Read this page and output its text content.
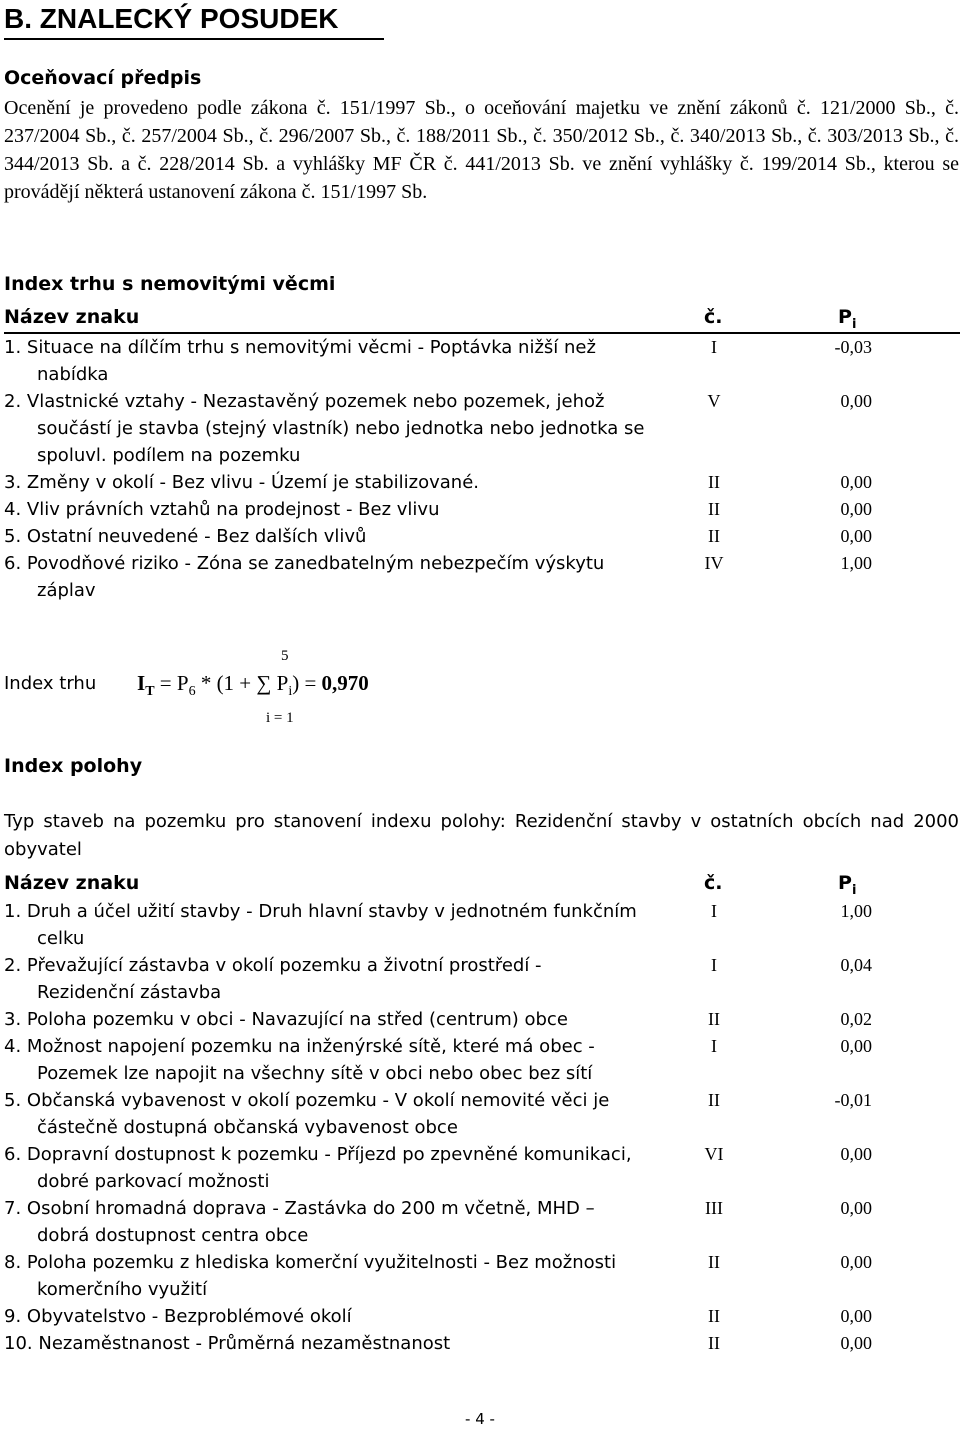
B. ZNALECKÝ POSUDEK
Oceňovací předpis
Ocenění je provedeno podle zákona č. 151/1997 Sb., o oceňování majetku ve znění zákonů č. 121/2000 Sb., č. 237/2004 Sb., č. 257/2004 Sb., č. 296/2007 Sb., č. 188/2011 Sb., č. 350/2012 Sb., č. 340/2013 Sb., č. 303/2013 Sb., č. 344/2013 Sb. a č. 228/2014 Sb. a vyhlášky MF ČR č. 441/2013 Sb. ve znění vyhlášky č. 199/2014 Sb., kterou se provádějí některá ustanovení zákona č. 151/1997 Sb.
Index trhu s nemovitými věcmi
Název znaku	č.	$P_i$
1. Situace na dílčím trhu s nemovitými věcmi - Poptávka nižší než
nabídka
I	-0,03
2. Vlastnické vztahy - Nezastavěný pozemek nebo pozemek, jehož
součástí je stavba (stejný vlastník) nebo jednotka nebo jednotka se
spoluvl. podílem na pozemku
V	0,00
3. Změny v okolí - Bez vlivu - Území je stabilizované.	II	0,00
4. Vliv právních vztahů na prodejnost - Bez vlivu	II	0,00
5. Ostatní neuvedené - Bez dalších vlivů	II	0,00
6. Povodňové riziko - Zóna se zanedbatelným nebezpečím výskytu
záplav
IV	1,00
Index trhu
5
$I_T = P_6 * (1$ + ∑ $P_i) = 0,970$
i = 1
Index polohy
Typ staveb na pozemku pro stanovení indexu polohy: Rezidenční stavby v ostatních obcích nad 2000 obyvatel
Název znaku	č.	$P_i$
1. Druh a účel užití stavby - Druh hlavní stavby v jednotném funkčním
celku
I	1,00
2. Převažující zástavba v okolí pozemku a životní prostředí -
Rezidenční zástavba
I	0,04
3. Poloha pozemku v obci - Navazující na střed (centrum) obce	II	0,02
4. Možnost napojení pozemku na inženýrské sítě, které má obec -
Pozemek lze napojit na všechny sítě v obci nebo obec bez sítí
I	0,00
5. Občanská vybavenost v okolí pozemku - V okolí nemovité věci je
částečně dostupná občanská vybavenost obce
II	-0,01
6. Dopravní dostupnost k pozemku - Příjezd po zpevněné komunikaci,
dobré parkovací možnosti
VI	0,00
7. Osobní hromadná doprava - Zastávka do 200 m včetně, MHD –
dobrá dostupnost centra obce
III	0,00
8. Poloha pozemku z hlediska komerční využitelnosti - Bez možnosti
komerčního využití
II	0,00
9. Obyvatelstvo - Bezproblémové okolí	II	0,00
10. Nezaměstnanost - Průměrná nezaměstnanost	II	0,00
- 4 -
